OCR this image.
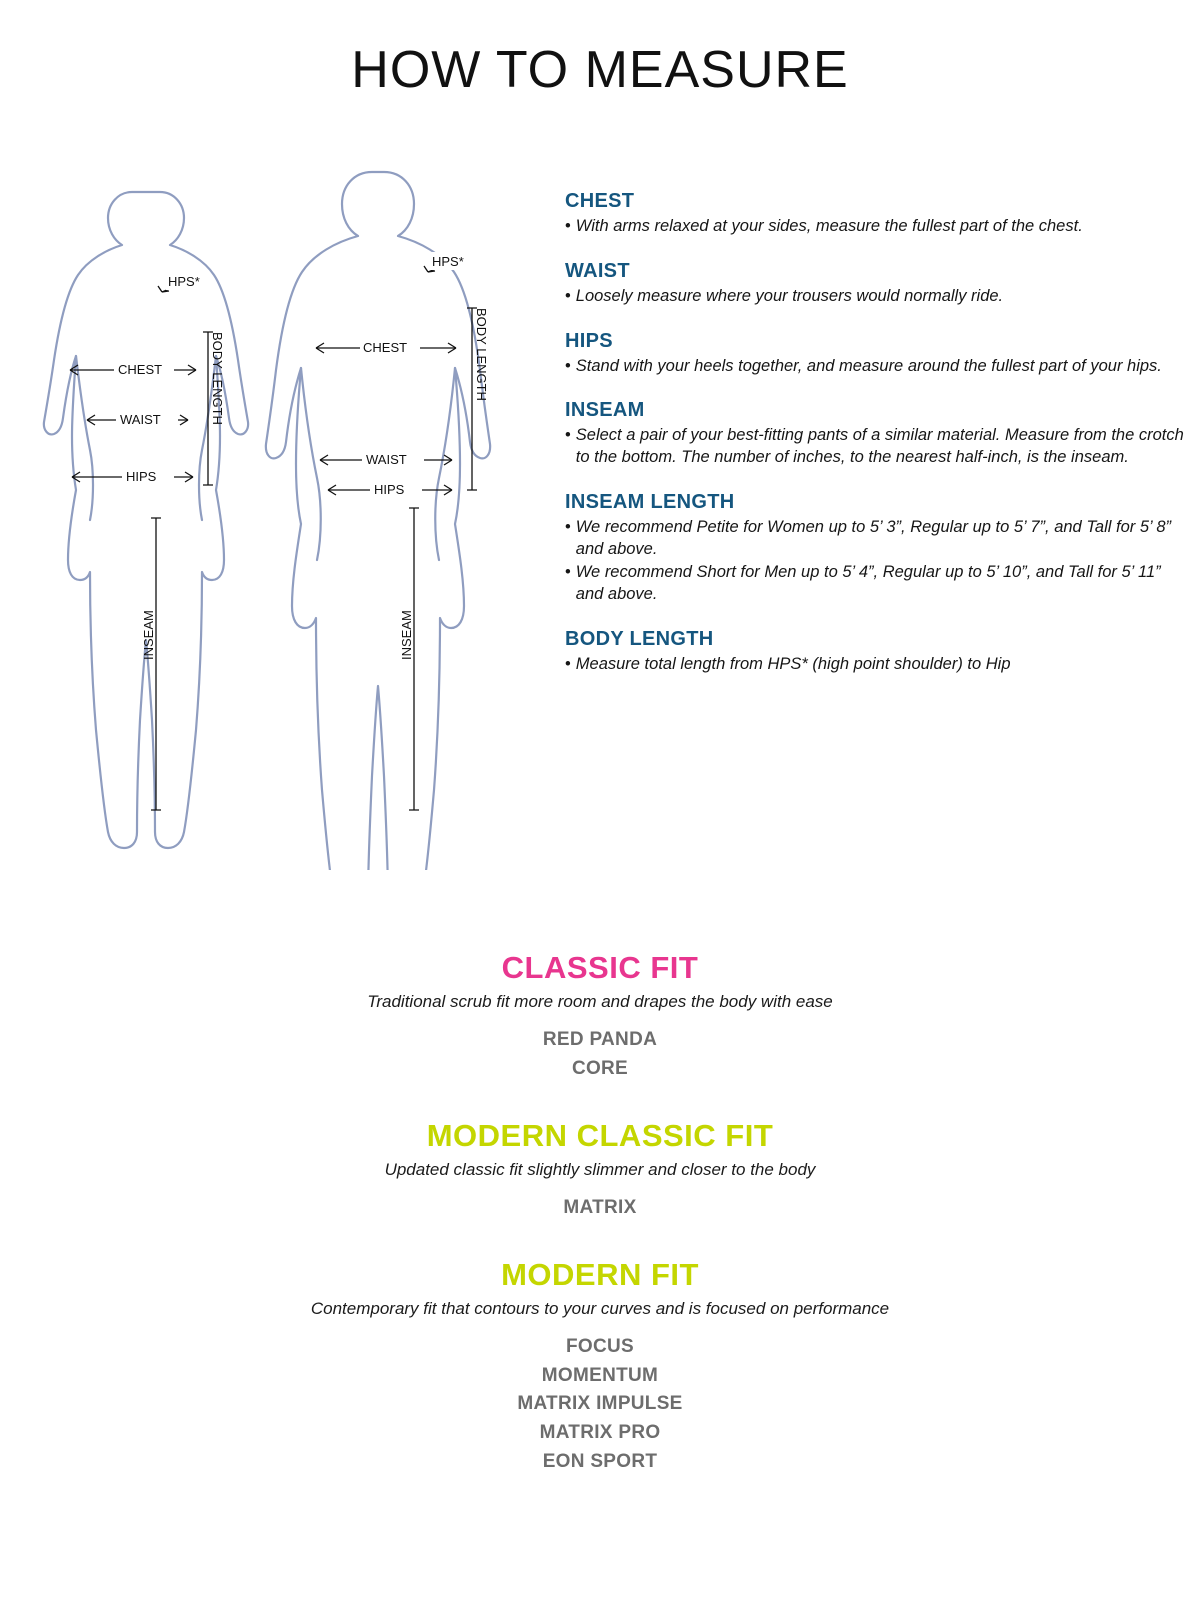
HOW TO MEASURE
HPS*
CHEST
WAIST
HIPS
BODY LENGTH
INSEAM
HPS*
CHEST
WAIST
HIPS
BODY LENGTH
INSEAM
CHEST
• With arms relaxed at your sides, measure the fullest part of the chest.
WAIST
• Loosely measure where your trousers would normally ride.
HIPS
• Stand with your heels together, and measure around the fullest part of your hips.
INSEAM
• Select a pair of your best-fitting pants of a similar material. Measure from the crotch to the bottom. The number of inches, to the nearest half-inch, is the inseam.
INSEAM LENGTH
• We recommend Petite for Women up to 5’ 3”, Regular up to 5’ 7”, and Tall for 5’ 8” and above.
• We recommend Short for Men up to 5’ 4”, Regular up to 5’ 10”, and Tall for 5’ 11” and above.
BODY LENGTH
• Measure total length from HPS* (high point shoulder) to Hip
CLASSIC FIT
Traditional scrub fit more room and drapes the body with ease
RED PANDA
CORE
MODERN CLASSIC FIT
Updated classic fit slightly slimmer and closer to the body
MATRIX
MODERN FIT
Contemporary fit that contours to your curves and is focused on performance
FOCUS
MOMENTUM
MATRIX IMPULSE
MATRIX PRO
EON SPORT
